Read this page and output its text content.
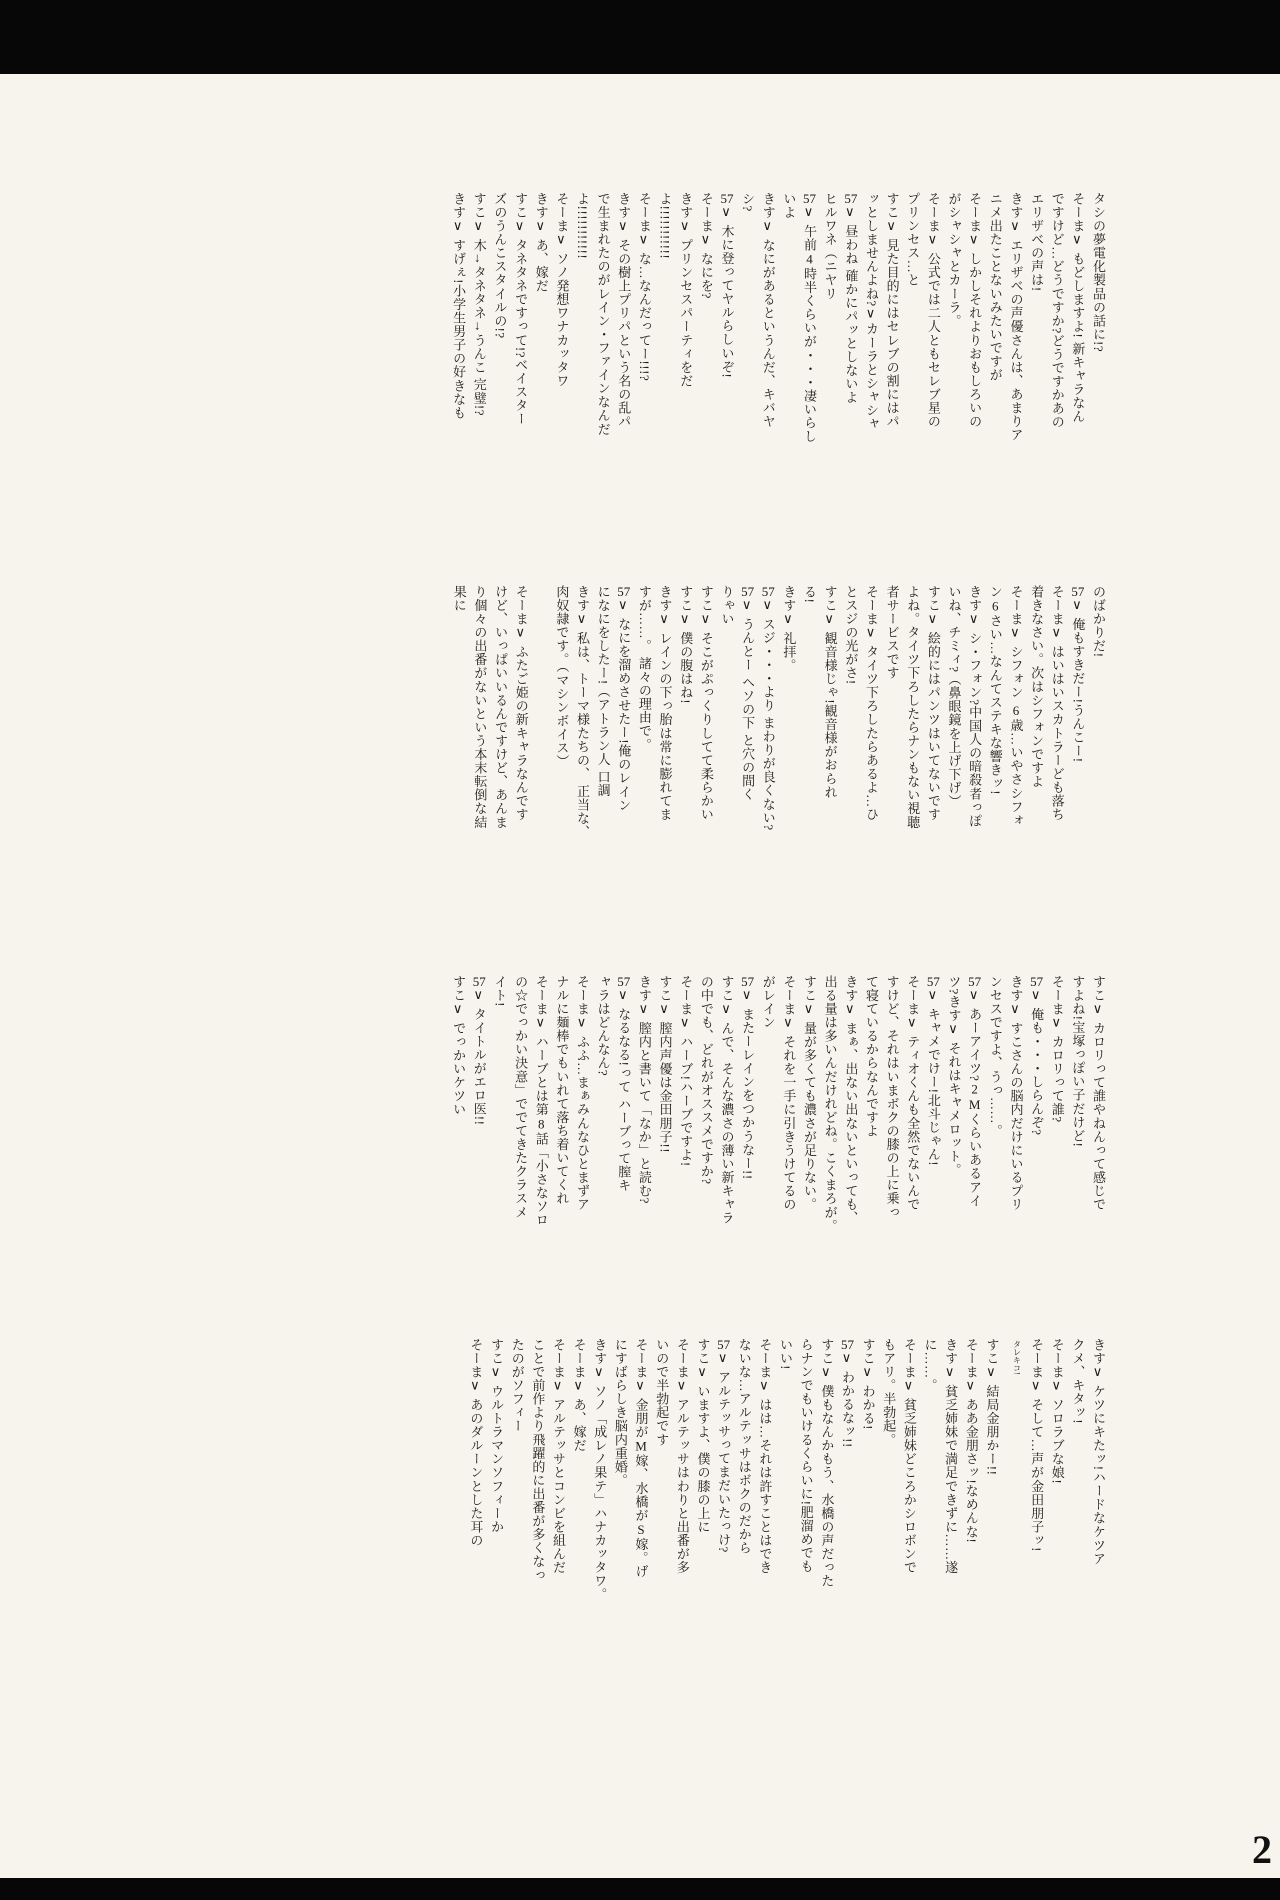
タシの夢電化製品の話に!?
そーま∨ もどしますよ! 新キャラなん
ですけど…どうですか?どうですかあの
エリザベの声は!
きす∨ エリザベの声優さんは、あまりア
ニメ出たことないみたいですが
そーま∨ しかしそれよりおもしろいの
がシャシャとカーラ。
そーま∨ 公式では二人ともセレブ星の
プリンセス…と
すこ∨ 見た目的にはセレブの割にはパ
ッとしませんよね?∨カーラとシャシャ
57∨ 昼わね 確かにパッとしないよ
ヒルワネ（ニヤリ
57∨ 午前4時半くらいが・・・凄いらし
いよ
きす∨ なにがあるというんだ、キバヤ
シ?
57∨ 木に登ってヤルらしいぞ!
そーま∨ なにを?
きす∨ プリンセスパーティをだ
よ!!!!!!!!!!!
そーま∨ な…なんだってー!!!?
きす∨ その樹上プリパという名の乱パ
で生まれたのがレイン・ファインなんだ
よ!!!!!!!!!!!
そーま∨ ソノ発想ワナカッタワ
きす∨ あ、嫁だ
すこ∨ タネタネですって!?ベイスター
ズのうんこスタイルの!?
すこ∨ 木→タネタネ→うんこ 完璧!?
きす∨ すげぇ!小学生男子の好きなも
のばかりだ!
57∨ 俺もすきだー!うんこー!
そーま∨ はいはいスカトラーども落ち
着きなさい。次はシフォンですよ
そーま∨ シフォン 6歳…いやさシフォ
ン6さい…なんてステキな響きッ!
きす∨ シ・フォン?中国人の暗殺者っぽ
いね、チミィ?（鼻眼鏡を上げ下げ）
すこ∨ 絵的にはパンツはいてないです
よね。タイツ下ろしたらナンもない視聴
者サービスです
そーま∨ タイツ下ろしたらあるよ…ひ
とスジの光がさ!
すこ∨ 観音様じゃ!観音様がおられ
る!
きす∨ 礼拝。
57∨ スジ・・・より まわりが良くない?
57∨ うんとー ヘソの下 と穴の間く
りゃい
すこ∨ そこがぷっくりしてて柔らかい
すこ∨ 僕の腹はね!
きす∨ レインの下っ胎は常に膨れてま
すが……。 諸々の理由で。
57∨ なにを溜めさせたー!俺のレイン
になにをしたー!（アトラン人 口調
きす∨ 私は、トーマ様たちの、 正当な、
肉奴隷です。（マシンボイス）
そーま∨ ふたご姫の新キャラなんです
けど、いっぱいいるんですけど、あんま
り個々の出番がないという本末転倒な結
果に
すこ∨ カロリって誰やねんって感じで
すよね!宝塚っぽい子だけど!
そーま∨ カロリって誰?
57∨ 俺も・・・しらんぞ?
きす∨ すこさんの脳内だけにいるプリ
ンセスですよ、うっ……。
57∨ あーアイツ?2Mくらいあるアイ
ツ?きす∨ それはキャメロット。
57∨ キャメでけー!北斗じゃん!
そーま∨ ティオくんも全然でないんで
すけど、それはいまボクの膝の上に乗っ
て寝ているからなんですよ
きす∨ まぁ、出ない出ないといっても、
出る量は多いんだけれどね。こくまろが。
すこ∨ 量が多くても濃さが足りない。
そーま∨ それを一手に引きうけてるの
がレイン
57∨ またーレインをつかうなー!!
すこ∨ んで、そんな濃さの薄い新キャラ
の中でも、どれがオススメですか?
そーま∨ ハーブ!ハーブですよ!
すこ∨ 膣内声優は金田朋子!!
きす∨ 膣内と書いて「なか」と読む?
57∨ なるなる!って ハーブって膣キ
ャラはどんなん?
そーま∨ ふふ…まぁみんなひとまずア
ナルに麺棒でもいれて落ち着いてくれ
そーま∨ ハーブとは第8話「小さなソロ
の☆でっかい決意」ででてきたクラスメ
イト!
57∨ タイトルがエロ医!!
すこ∨ でっかいケツい
きす∨ ケツにキたッ!ハードなケツア
クメ、キタッ!
そーま∨ ソロラブな娘!
そーま∨ そして…声が金田朋子ッ!
タレキコ!
すこ∨ 結局金朋かー!!
そーま∨ ああ金朋さッ!なめんな!
きす∨ 貧乏姉妹で満足できずに……遂
に……。
そーま∨ 貧乏姉妹どころかシロボンで
もアリ。半勃起。
すこ∨ わかる!
57∨ わかるなッ!!
すこ∨ 僕もなんかもう、水橋の声だった
らナンでもいけるくらいに!肥溜めでも
いい!
そーま∨ はは…それは許すことはでき
ないな…アルテッサはボクのだから
57∨ アルテッサってまだいたっけ?
すこ∨ いますよ、僕の膝の上に
そーま∨ アルテッサはわりと出番が多
いので半勃起です
そーま∨ 金朋がM嫁、水橋がS嫁。げ
にすばらしき脳内重婚。
きす∨ ソノ「成レノ果テ」ハナカッタワ。
そーま∨ あ、嫁だ
そーま∨ アルテッサとコンビを組んだ
ことで前作より飛躍的に出番が多くなっ
たのがソフィー
すこ∨ ウルトラマンソフィーか
そーま∨ あのダルーンとした耳の
2
